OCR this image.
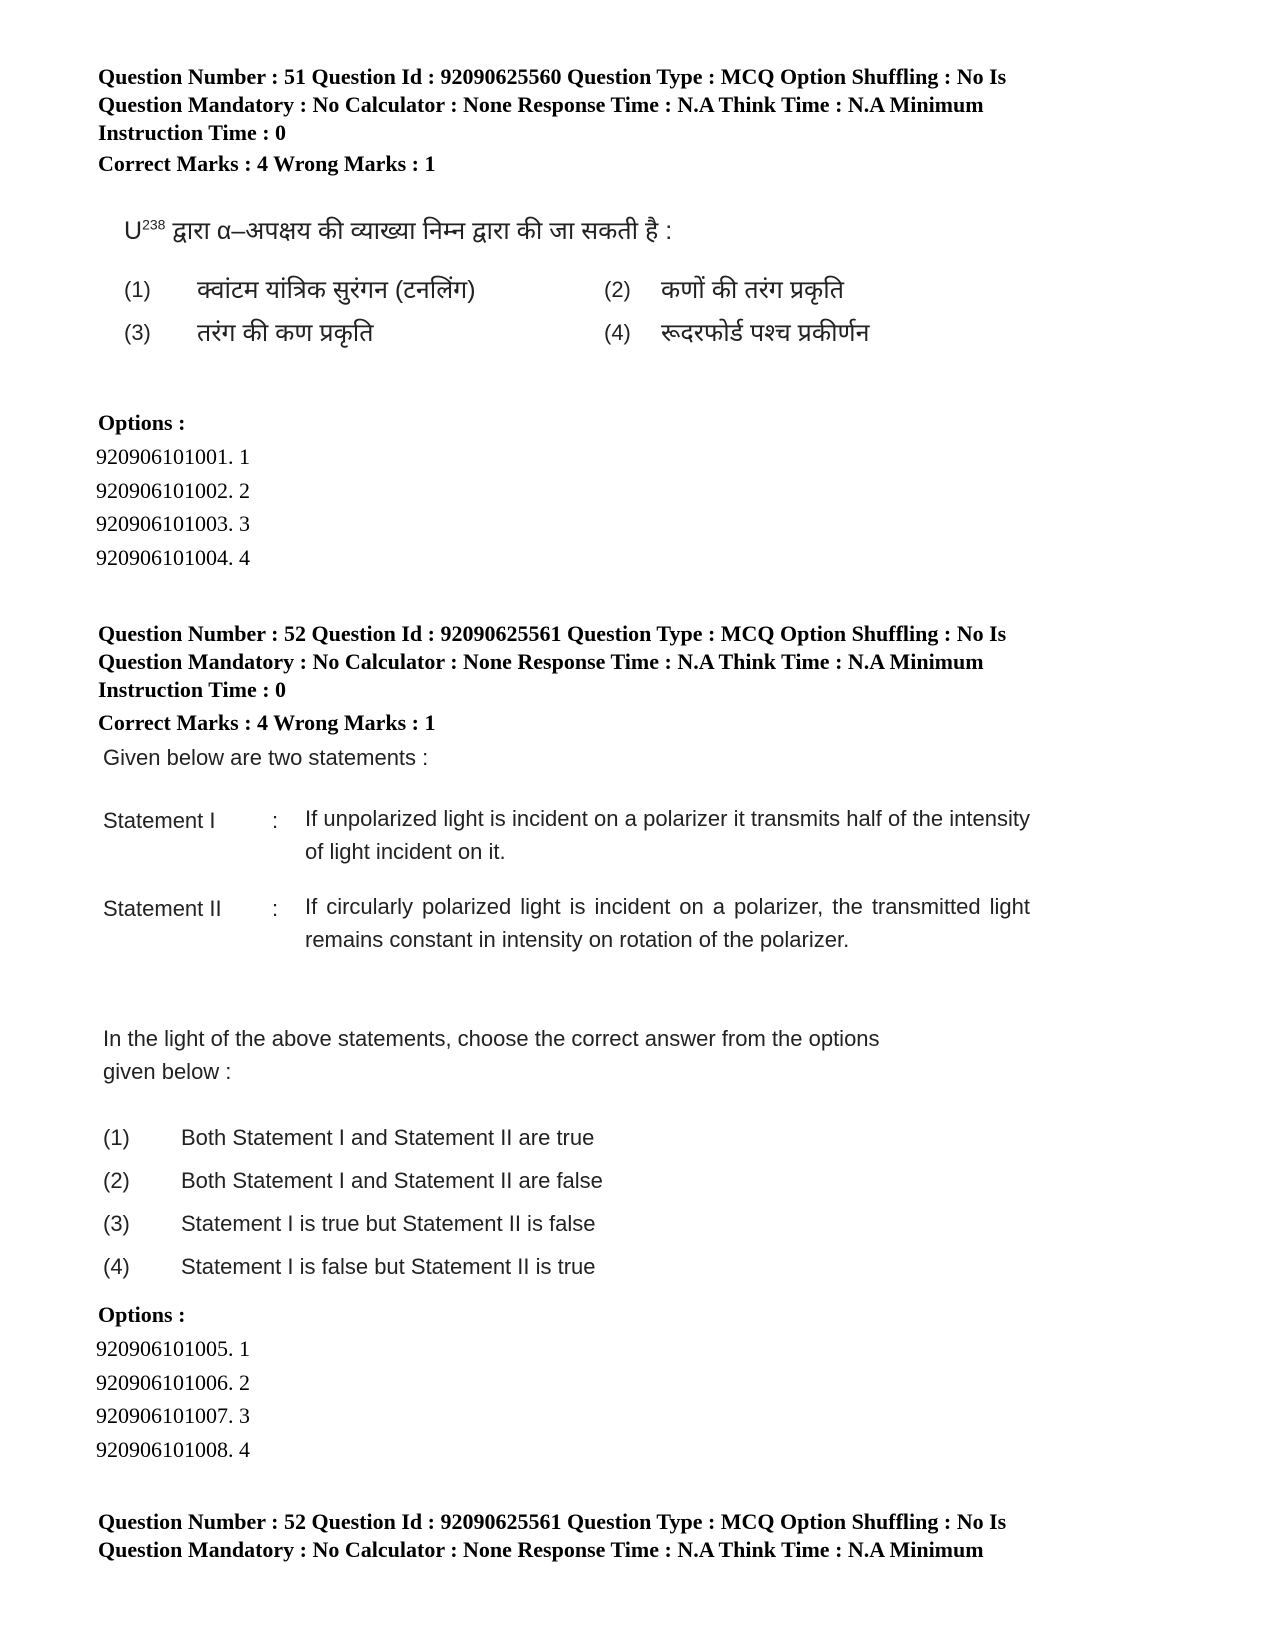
Question Number : 51 Question Id : 92090625560 Question Type : MCQ Option Shuffling : No Is
Question Mandatory : No Calculator : None Response Time : N.A Think Time : N.A Minimum
Instruction Time : 0
Correct Marks : 4 Wrong Marks : 1
$U^{238}$ द्वारा α–अपक्षय की व्याख्या निम्न द्वारा की जा सकती है :
(1) क्वांटम यांत्रिक सुरंगन (टनलिंग)	(2) कणों की तरंग प्रकृति
(3) तरंग की कण प्रकृति	(4) रूदरफोर्ड पश्च प्रकीर्णन
Options :
920906101001. 1
920906101002. 2
920906101003. 3
920906101004. 4
Question Number : 52 Question Id : 92090625561 Question Type : MCQ Option Shuffling : No Is
Question Mandatory : No Calculator : None Response Time : N.A Think Time : N.A Minimum
Instruction Time : 0
Correct Marks : 4 Wrong Marks : 1
Given below are two statements :
Statement I	: If unpolarized light is incident on a polarizer it transmits half of the intensity of light incident on it.
Statement II : If circularly polarized light is incident on a polarizer, the transmitted light remains constant in intensity on rotation of the polarizer.
In the light of the above statements, choose the correct answer from the options
given below :
(1) Both Statement I and Statement II are true
(2) Both Statement I and Statement II are false
(3) Statement I is true but Statement II is false
(4) Statement I is false but Statement II is true
Options :
920906101005. 1
920906101006. 2
920906101007. 3
920906101008. 4
Question Number : 52 Question Id : 92090625561 Question Type : MCQ Option Shuffling : No Is
Question Mandatory : No Calculator : None Response Time : N.A Think Time : N.A Minimum
